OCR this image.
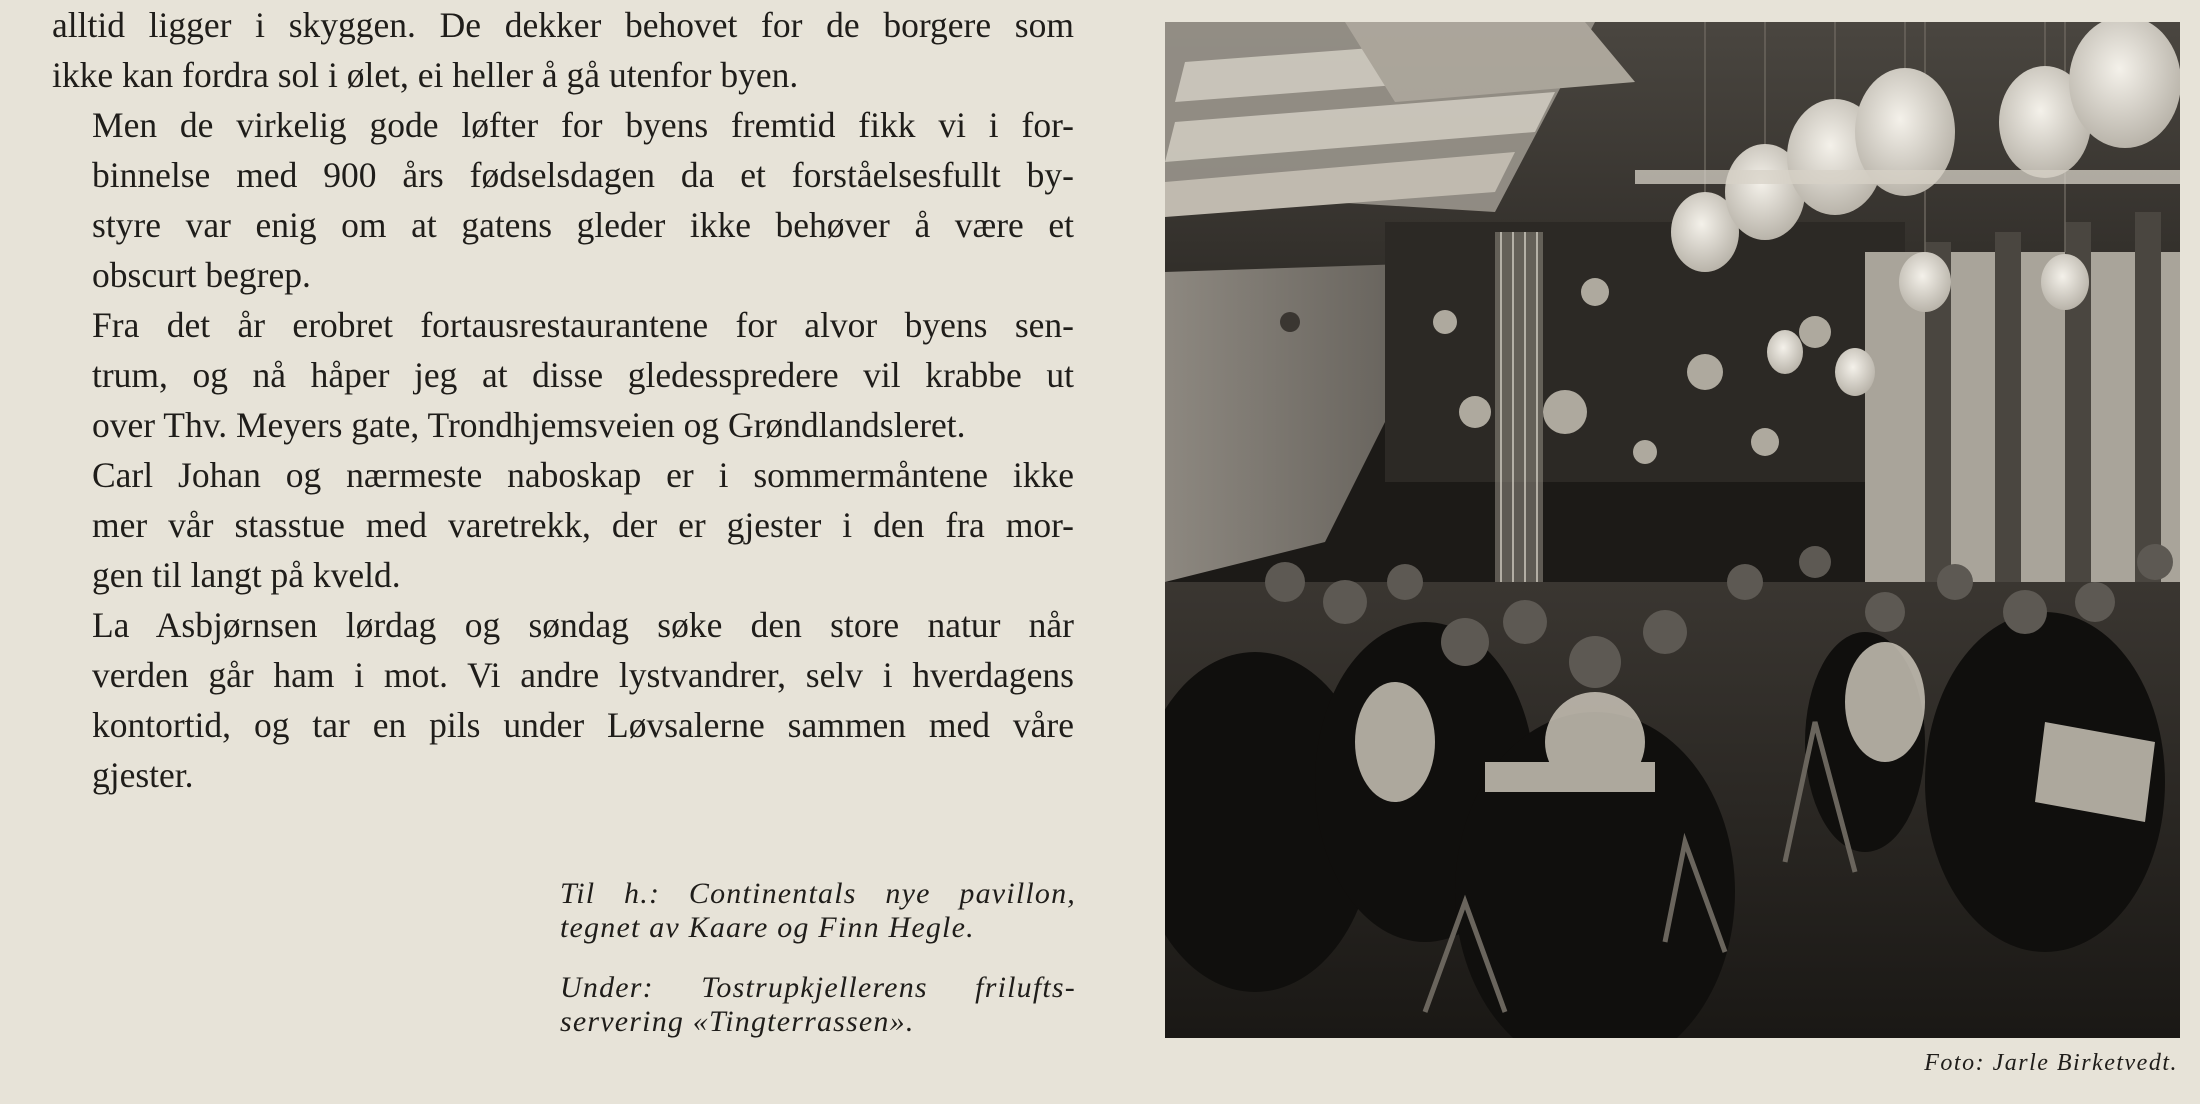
alltid ligger i skyggen. De dekker behovet for de borgere som
ikke kan fordra sol i ølet, ei heller å gå utenfor byen.

Men de virkelig gode løfter for byens fremtid fikk vi i for-
binnelse med 900 års fødselsdagen da et forståelsesfullt by-
styre var enig om at gatens gleder ikke behøver å være et
obscurt begrep.

Fra det år erobret fortausrestaurantene for alvor byens sen-
trum, og nå håper jeg at disse gledesspredere vil krabbe ut
over Thv. Meyers gate, Trondhjemsveien og Grøndlandsleret.

Carl Johan og nærmeste naboskap er i sommermåntene ikke
mer vår stasstue med varetrekk, der er gjester i den fra mor-
gen til langt på kveld.

La Asbjørnsen lørdag og søndag søke den store natur når
verden går ham i mot. Vi andre lystvandrer, selv i hverdagens
kontortid, og tar en pils under Løvsalerne sammen med våre
gjester.

Til h.: Continentals nye pavillon,
tegnet av Kaare og Finn Hegle.
Under: Tostrupkjellerens frilufts-
servering «Tingterrassen».
Foto: Jarle Birketvedt.
